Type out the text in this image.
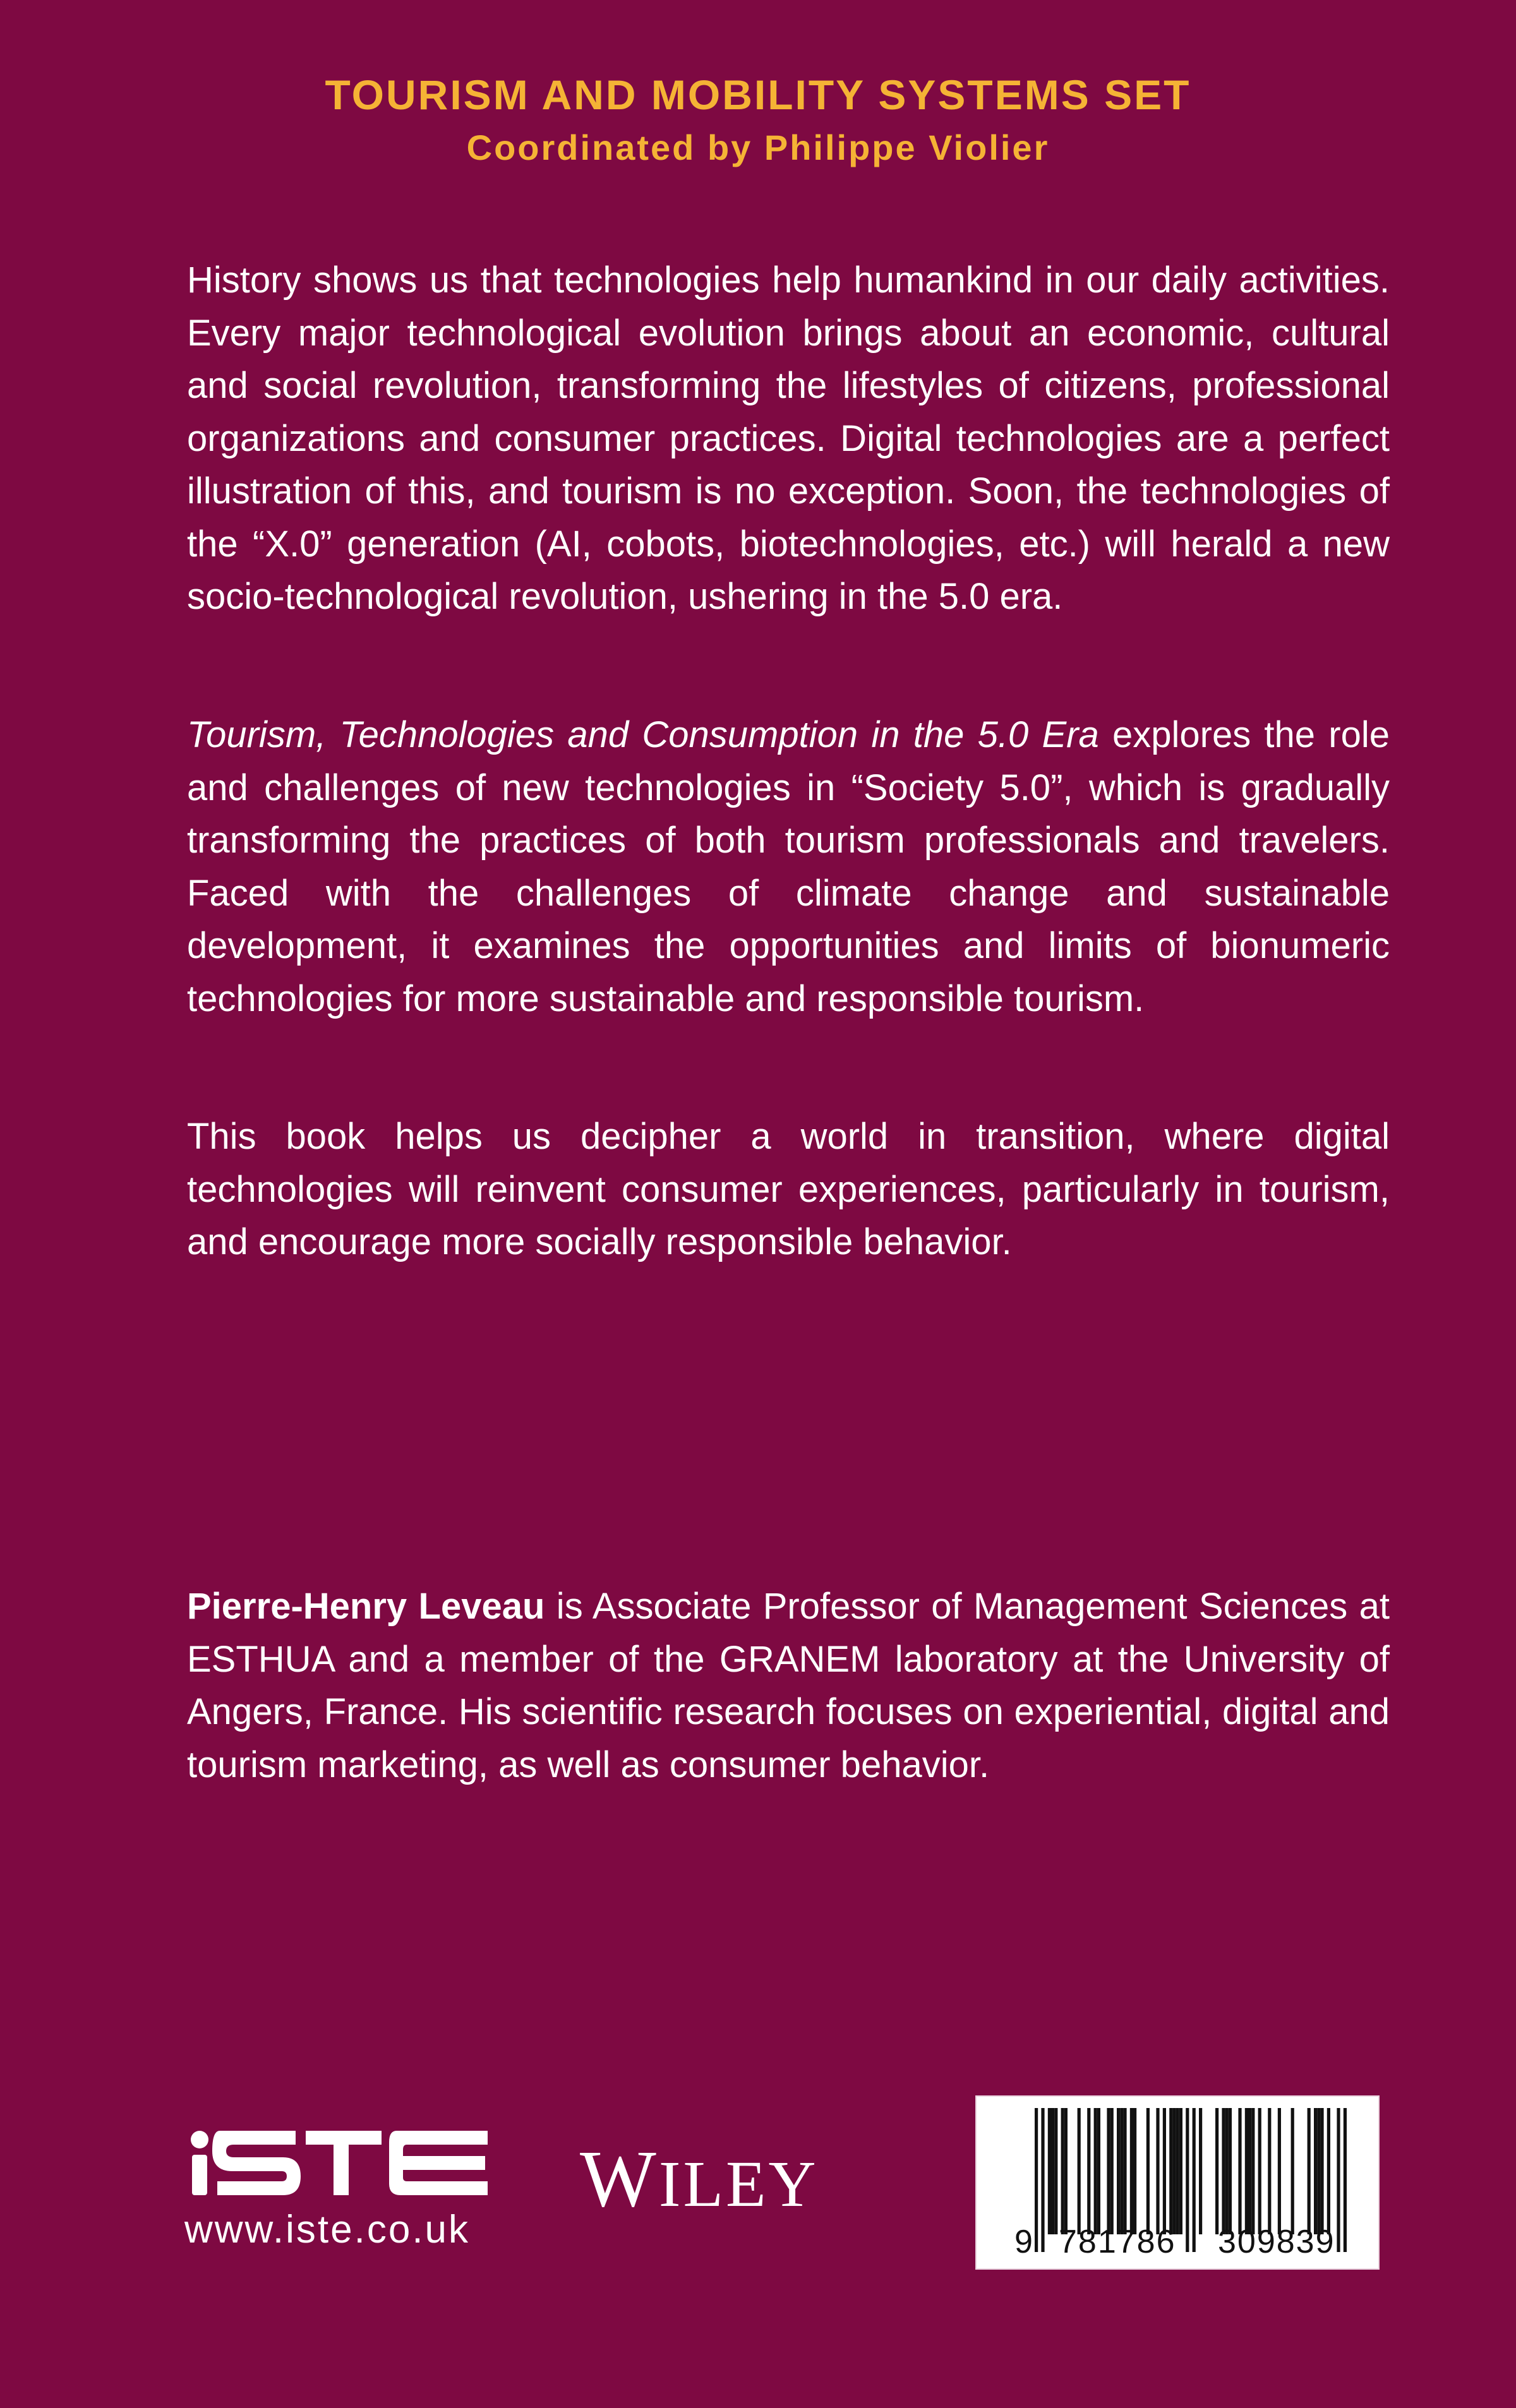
TOURISM AND MOBILITY SYSTEMS SET
Coordinated by Philippe Violier

History shows us that technologies help humankind in our daily activities. Every major technological evolution brings about an economic, cultural and social revolution, transforming the lifestyles of citizens, professional organizations and consumer practices. Digital technologies are a perfect illustration of this, and tourism is no exception. Soon, the technologies of the “X.0” generation (AI, cobots, biotechnologies, etc.) will herald a new socio-technological revolution, ushering in the 5.0 era.

Tourism, Technologies and Consumption in the 5.0 Era explores the role and challenges of new technologies in “Society 5.0”, which is gradually transforming the practices of both tourism professionals and travelers. Faced with the challenges of climate change and sustainable development, it examines the opportunities and limits of bionumeric technologies for more sustainable and responsible tourism.

This book helps us decipher a world in transition, where digital technologies will reinvent consumer experiences, particularly in tourism, and encourage more socially responsible behavior.

Pierre-Henry Leveau is Associate Professor of Management Sciences at ESTHUA and a member of the GRANEM laboratory at the University of Angers, France. His scientific research focuses on experiential, digital and tourism marketing, as well as consumer behavior.

www.iste.co.uk
WILEY
9 781786 309839
